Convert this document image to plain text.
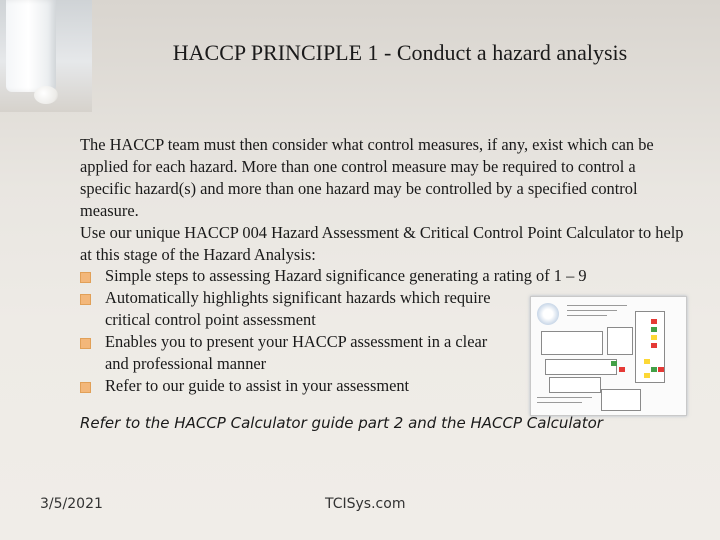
HACCP PRINCIPLE 1 - Conduct a hazard analysis

The HACCP team must then consider what control measures, if any, exist which can be applied for each hazard. More than one control measure may be required to control a specific hazard(s) and more than one hazard may be controlled by a specified control measure.

Use our unique HACCP 004 Hazard Assessment & Critical Control Point Calculator to help at this stage of the Hazard Analysis:

Simple steps to assessing Hazard significance generating a rating of 1 – 9
Automatically highlights significant hazards which require critical control point assessment
Enables you to present your HACCP assessment in a clear and professional manner
Refer to our guide to assist in your assessment
Refer to the HACCP Calculator guide part 2 and the HACCP Calculator
3/5/2021	TCISys.com
